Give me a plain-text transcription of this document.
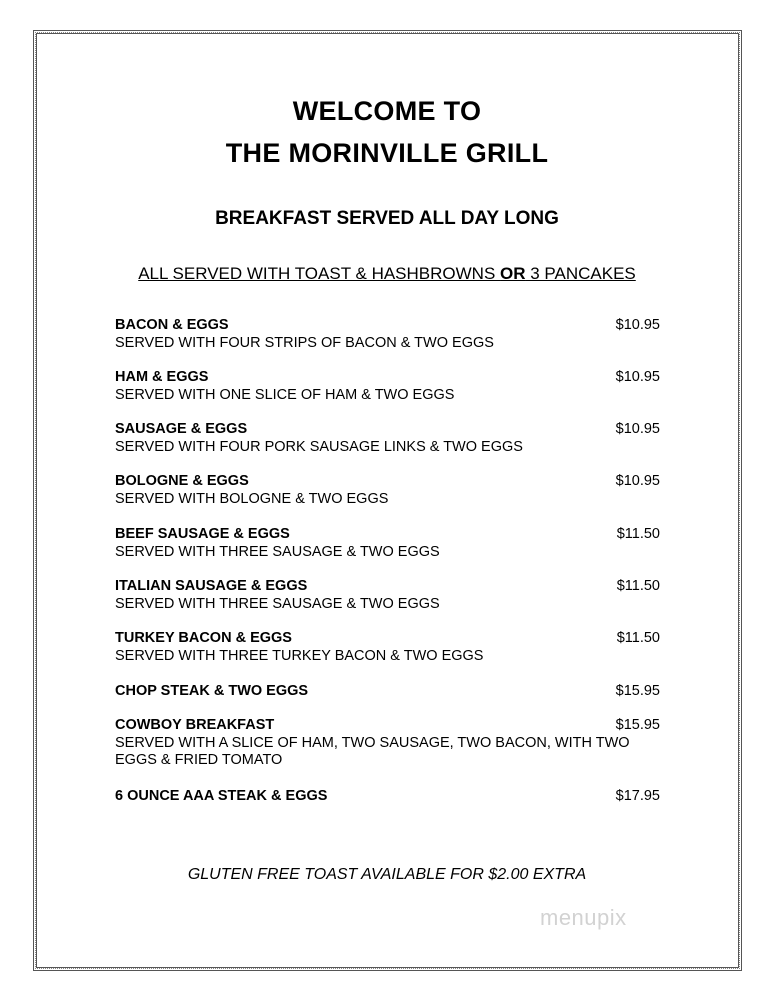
WELCOME TO
THE MORINVILLE GRILL
BREAKFAST SERVED ALL DAY LONG

ALL SERVED WITH TOAST & HASHBROWNS OR 3 PANCAKES

BACON & EGGS	$10.95
SERVED WITH FOUR STRIPS OF BACON & TWO EGGS
HAM & EGGS	$10.95
SERVED WITH ONE SLICE OF HAM & TWO EGGS
SAUSAGE & EGGS	$10.95
SERVED WITH FOUR PORK SAUSAGE LINKS & TWO EGGS
BOLOGNE & EGGS	$10.95
SERVED WITH BOLOGNE & TWO EGGS
BEEF SAUSAGE & EGGS	$11.50
SERVED WITH THREE SAUSAGE & TWO EGGS
ITALIAN SAUSAGE & EGGS	$11.50
SERVED WITH THREE SAUSAGE & TWO EGGS
TURKEY BACON & EGGS	$11.50
SERVED WITH THREE TURKEY BACON & TWO EGGS
CHOP STEAK & TWO EGGS	$15.95
COWBOY BREAKFAST	$15.95
SERVED WITH A SLICE OF HAM, TWO SAUSAGE, TWO BACON, WITH TWO EGGS & FRIED TOMATO
6 OUNCE AAA STEAK & EGGS	$17.95

GLUTEN FREE TOAST AVAILABLE FOR $2.00 EXTRA

menupix
